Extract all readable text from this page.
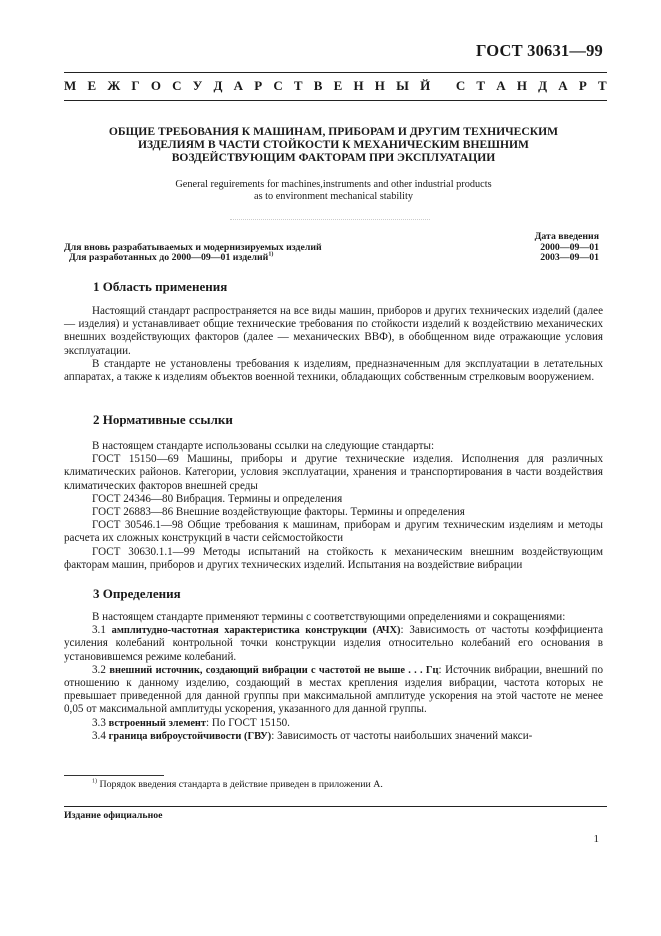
ГОСТ 30631—99
М Е Ж Г О С У Д А Р С Т В Е Н Н Ы Й
С Т А Н Д А Р Т
ОБЩИЕ ТРЕБОВАНИЯ К МАШИНАМ, ПРИБОРАМ И ДРУГИМ ТЕХНИЧЕСКИМ
ИЗДЕЛИЯМ В ЧАСТИ СТОЙКОСТИ К МЕХАНИЧЕСКИМ ВНЕШНИМ
ВОЗДЕЙСТВУЮЩИМ ФАКТОРАМ ПРИ ЭКСПЛУАТАЦИИ
General reguirements for machines,instruments and other industrial products
as to environment mechanical stability
Дата введения
Для вновь разрабатываемых и модернизируемых изделий	2000—09—01
Для разработанных до 2000—09—01 изделий$^{1)}$	2003—09—01
1 Область применения

Настоящий стандарт распространяется на все виды машин, приборов и других технических изделий (далее — изделия) и устанавливает общие технические требования по стойкости изделий к воздействию механических внешних воздействующих факторов (далее — механических ВВФ), в обобщенном виде отражающие условия эксплуатации.

В стандарте не установлены требования к изделиям, предназначенным для эксплуатации в летательных аппаратах, а также к изделиям объектов военной техники, обладающих собственным стрелковым вооружением.

2 Нормативные ссылки

В настоящем стандарте использованы ссылки на следующие стандарты:

ГОСТ 15150—69 Машины, приборы и другие технические изделия. Исполнения для различных климатических районов. Категории, условия эксплуатации, хранения и транспортирования в части воздействия климатических факторов внешней среды

ГОСТ 24346—80 Вибрация. Термины и определения

ГОСТ 26883—86 Внешние воздействующие факторы. Термины и определения

ГОСТ 30546.1—98 Общие требования к машинам, приборам и другим техническим изделиям и методы расчета их сложных конструкций в части сейсмостойкости

ГОСТ 30630.1.1—99 Методы испытаний на стойкость к механическим внешним воздействующим факторам машин, приборов и других технических изделий. Испытания на воздействие вибрации

3 Определения

В настоящем стандарте применяют термины с соответствующими определениями и сокращениями:

3.1 амплитудно-частотная характеристика конструкции (АЧХ): Зависимость от частоты коэффициента усиления колебаний контрольной точки конструкции изделия относительно колебаний его основания в установившемся режиме колебаний.

3.2 внешний источник, создающий вибрации с частотой не выше . . . Гц: Источник вибрации, внешний по отношению к данному изделию, создающий в местах крепления изделия вибрации, частота которых не превышает приведенной для данной группы при максимальной амплитуде ускорения на этой частоте не менее 0,05 от максимальной амплитуды ускорения, указанного для данной группы.

3.3 встроенный элемент: По ГОСТ 15150.

3.4 граница виброустойчивости (ГВУ): Зависимость от частоты наибольших значений макси-

$^{1)}$ Порядок введения стандарта в действие приведен в приложении А.
Издание официальное
1
